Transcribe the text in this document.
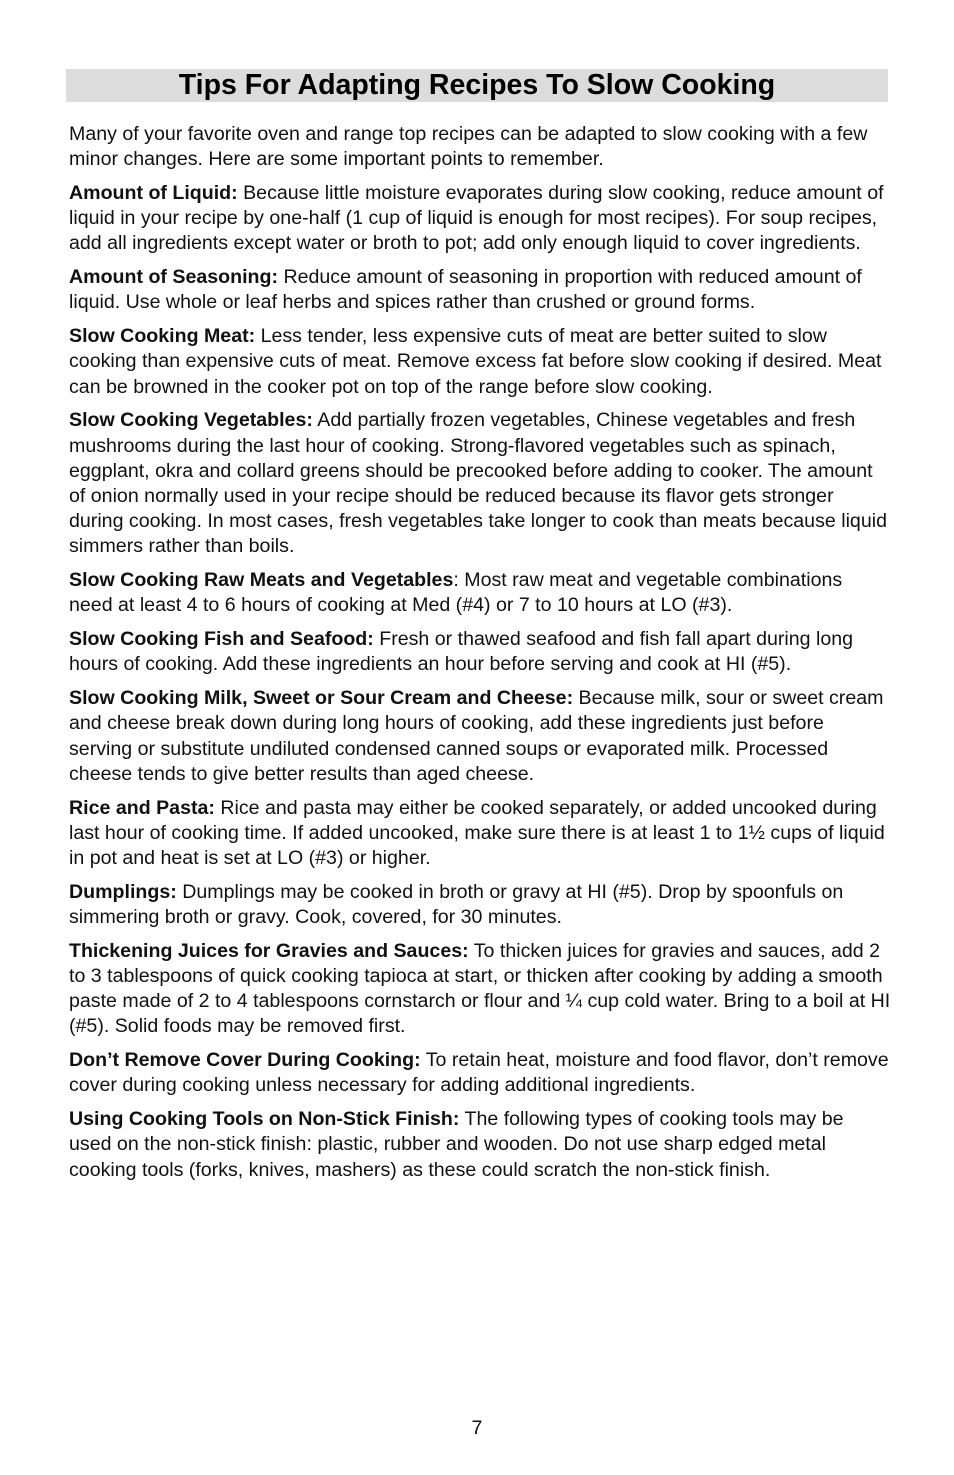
Tips For Adapting Recipes To Slow Cooking

Many of your favorite oven and range top recipes can be adapted to slow cooking with a few minor changes. Here are some important points to remember.

Amount of Liquid: Because little moisture evaporates during slow cooking, reduce amount of liquid in your recipe by one-half (1 cup of liquid is enough for most recipes). For soup recipes, add all ingredients except water or broth to pot; add only enough liquid to cover ingredients.

Amount of Seasoning: Reduce amount of seasoning in proportion with reduced amount of liquid. Use whole or leaf herbs and spices rather than crushed or ground forms.

Slow Cooking Meat: Less tender, less expensive cuts of meat are better suited to slow cooking than expensive cuts of meat. Remove excess fat before slow cooking if desired. Meat can be browned in the cooker pot on top of the range before slow cooking.

Slow Cooking Vegetables: Add partially frozen vegetables, Chinese vegetables and fresh mushrooms during the last hour of cooking. Strong-flavored vegetables such as spinach, eggplant, okra and collard greens should be precooked before adding to cooker. The amount of onion normally used in your recipe should be reduced because its flavor gets stronger during cooking. In most cases, fresh vegetables take longer to cook than meats because liquid simmers rather than boils.

Slow Cooking Raw Meats and Vegetables: Most raw meat and vegetable combinations need at least 4 to 6 hours of cooking at Med (#4) or 7 to 10 hours at LO (#3).

Slow Cooking Fish and Seafood: Fresh or thawed seafood and fish fall apart during long hours of cooking. Add these ingredients an hour before serving and cook at HI (#5).

Slow Cooking Milk, Sweet or Sour Cream and Cheese: Because milk, sour or sweet cream and cheese break down during long hours of cooking, add these ingredients just before serving or substitute undiluted condensed canned soups or evaporated milk. Processed cheese tends to give better results than aged cheese.

Rice and Pasta: Rice and pasta may either be cooked separately, or added uncooked during last hour of cooking time. If added uncooked, make sure there is at least 1 to 1½ cups of liquid in pot and heat is set at LO (#3) or higher.

Dumplings: Dumplings may be cooked in broth or gravy at HI (#5). Drop by spoonfuls on simmering broth or gravy. Cook, covered, for 30 minutes.

Thickening Juices for Gravies and Sauces: To thicken juices for gravies and sauces, add 2 to 3 tablespoons of quick cooking tapioca at start, or thicken after cooking by adding a smooth paste made of 2 to 4 tablespoons cornstarch or flour and ¼ cup cold water. Bring to a boil at HI (#5). Solid foods may be removed first.

Don’t Remove Cover During Cooking: To retain heat, moisture and food flavor, don’t remove cover during cooking unless necessary for adding additional ingredients.

Using Cooking Tools on Non-Stick Finish: The following types of cooking tools may be used on the non-stick finish: plastic, rubber and wooden. Do not use sharp edged metal cooking tools (forks, knives, mashers) as these could scratch the non-stick finish.

7
